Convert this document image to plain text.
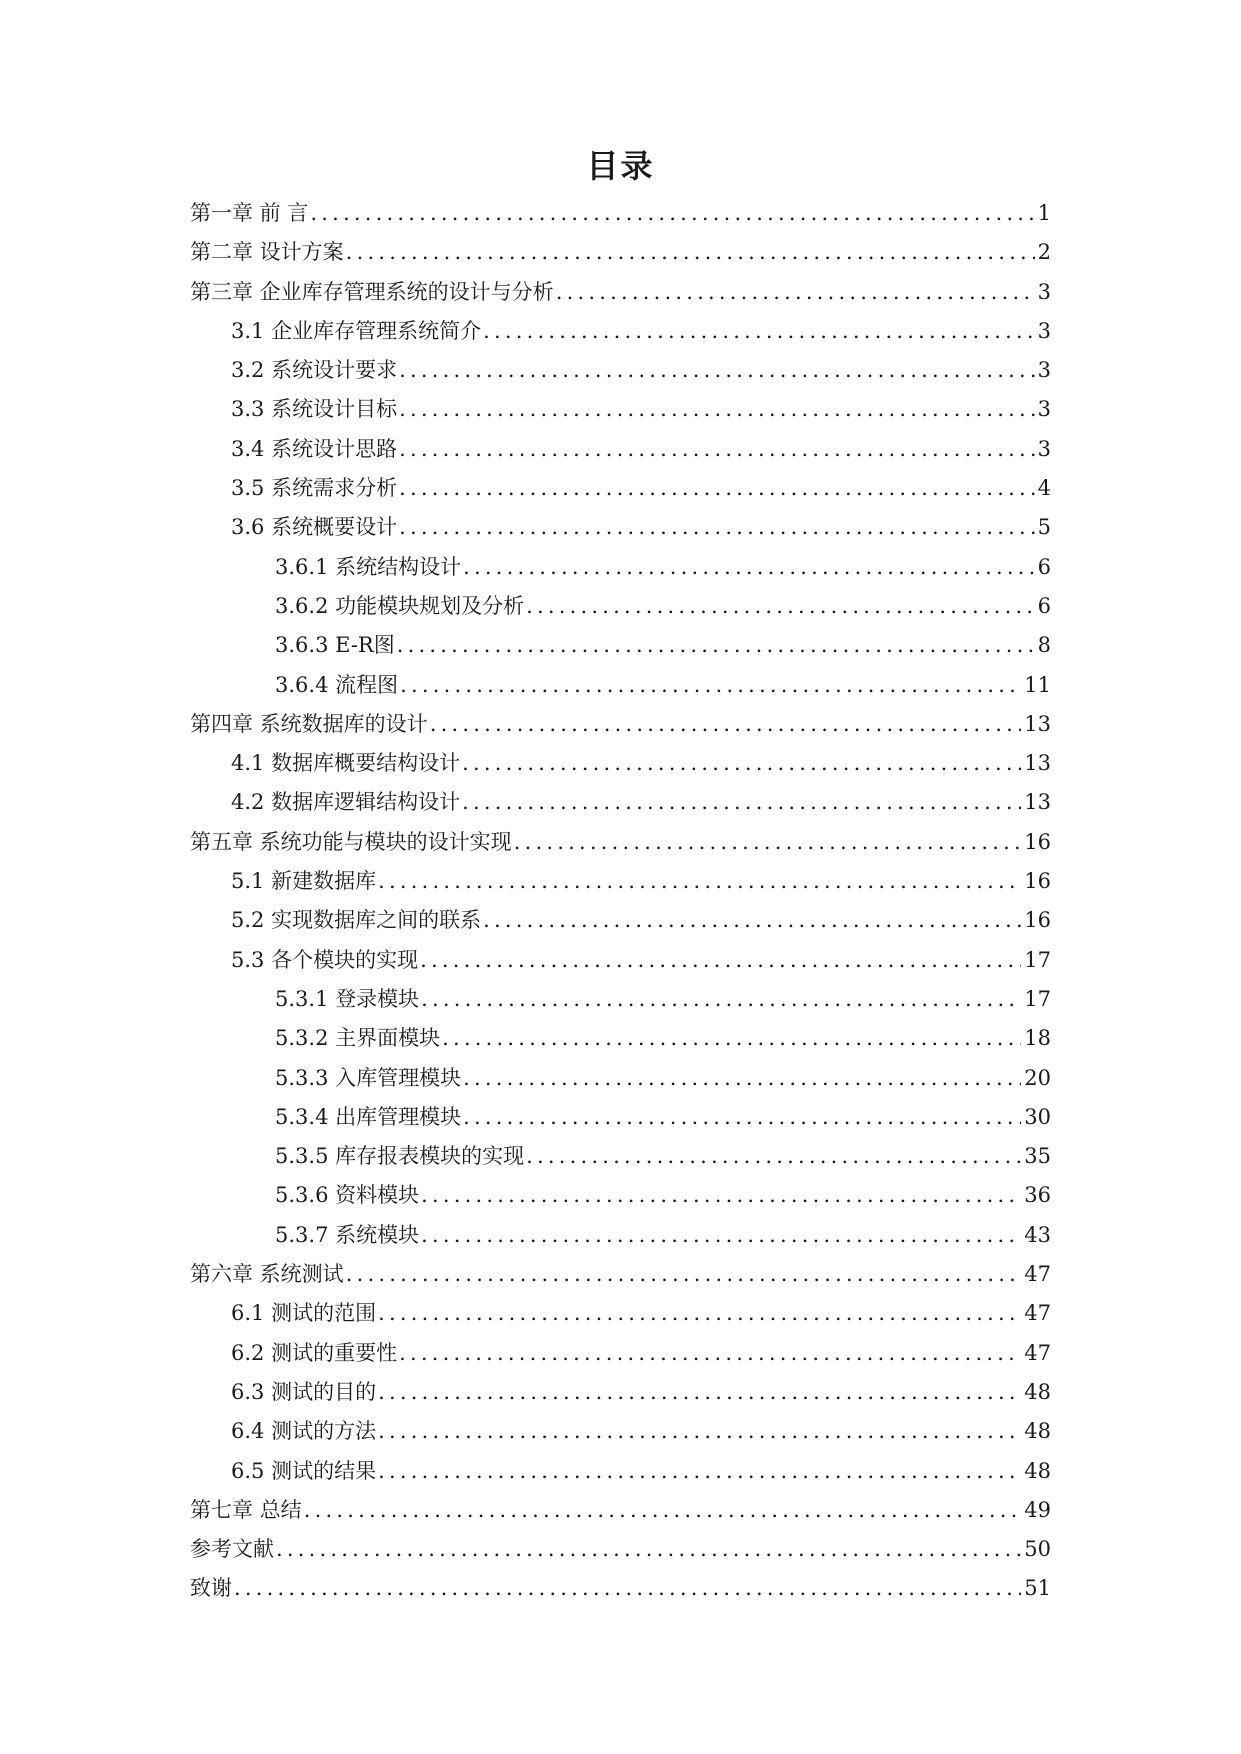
目录
第一章 前 言 .....	1
第二章 设计方案 .....	2
第三章 企业库存管理系统的设计与分析 .....	3
3.1 企业库存管理系统简介 .....	3
3.2 系统设计要求 .....	3
3.3 系统设计目标 .....	3
3.4 系统设计思路 .....	3
3.5 系统需求分析 .....	4
3.6 系统概要设计 .....	5
3.6.1 系统结构设计 .....	6
3.6.2 功能模块规划及分析 .....	6
3.6.3 E-R图 .....	8
3.6.4 流程图 .....	11
第四章 系统数据库的设计 .....	13
4.1 数据库概要结构设计 .....	13
4.2 数据库逻辑结构设计 .....	13
第五章 系统功能与模块的设计实现 .....	16
5.1 新建数据库 .....	16
5.2 实现数据库之间的联系 .....	16
5.3 各个模块的实现 .....	17
5.3.1 登录模块 .....	17
5.3.2 主界面模块 .....	18
5.3.3 入库管理模块 .....	20
5.3.4 出库管理模块 .....	30
5.3.5 库存报表模块的实现 .....	35
5.3.6 资料模块 .....	36
5.3.7 系统模块 .....	43
第六章 系统测试 .....	47
6.1 测试的范围 .....	47
6.2 测试的重要性 .....	47
6.3 测试的目的 .....	48
6.4 测试的方法 .....	48
6.5 测试的结果 .....	48
第七章 总结 .....	49
参考文献 .....	50
致谢 .....	51
